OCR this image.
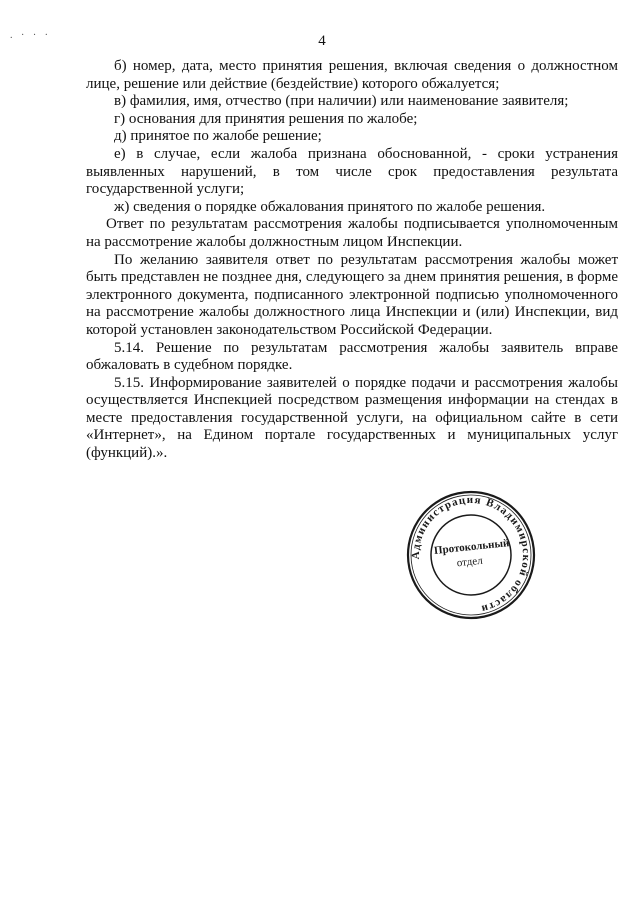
. · · ·	4

б) номер, дата, место принятия решения, включая сведения о должностном лице, решение или действие (бездействие) которого обжалуется;

в) фамилия, имя, отчество (при наличии) или наименование заявителя;

г) основания для принятия решения по жалобе;

д) принятое по жалобе решение;

е) в случае, если жалоба признана обоснованной, - сроки устранения выявленных нарушений, в том числе срок предоставления результата государственной услуги;

ж) сведения о порядке обжалования принятого по жалобе решения.

Ответ по результатам рассмотрения жалобы подписывается уполномоченным на рассмотрение жалобы должностным лицом Инспекции.

По желанию заявителя ответ по результатам рассмотрения жалобы может быть представлен не позднее дня, следующего за днем принятия решения, в форме электронного документа, подписанного электронной подписью уполномоченного на рассмотрение жалобы должностного лица Инспекции и (или) Инспекции, вид которой установлен законодательством Российской Федерации.

5.14. Решение по результатам рассмотрения жалобы заявитель вправе обжаловать в судебном порядке.

5.15. Информирование заявителей о порядке подачи и рассмотрения жалобы осуществляется Инспекцией посредством размещения информации на стендах в месте предоставления государственной услуги, на официальном сайте в сети «Интернет», на Едином портале государственных и муниципальных услуг (функций).».

Администрация Владимирской области
Протокольный
отдел
